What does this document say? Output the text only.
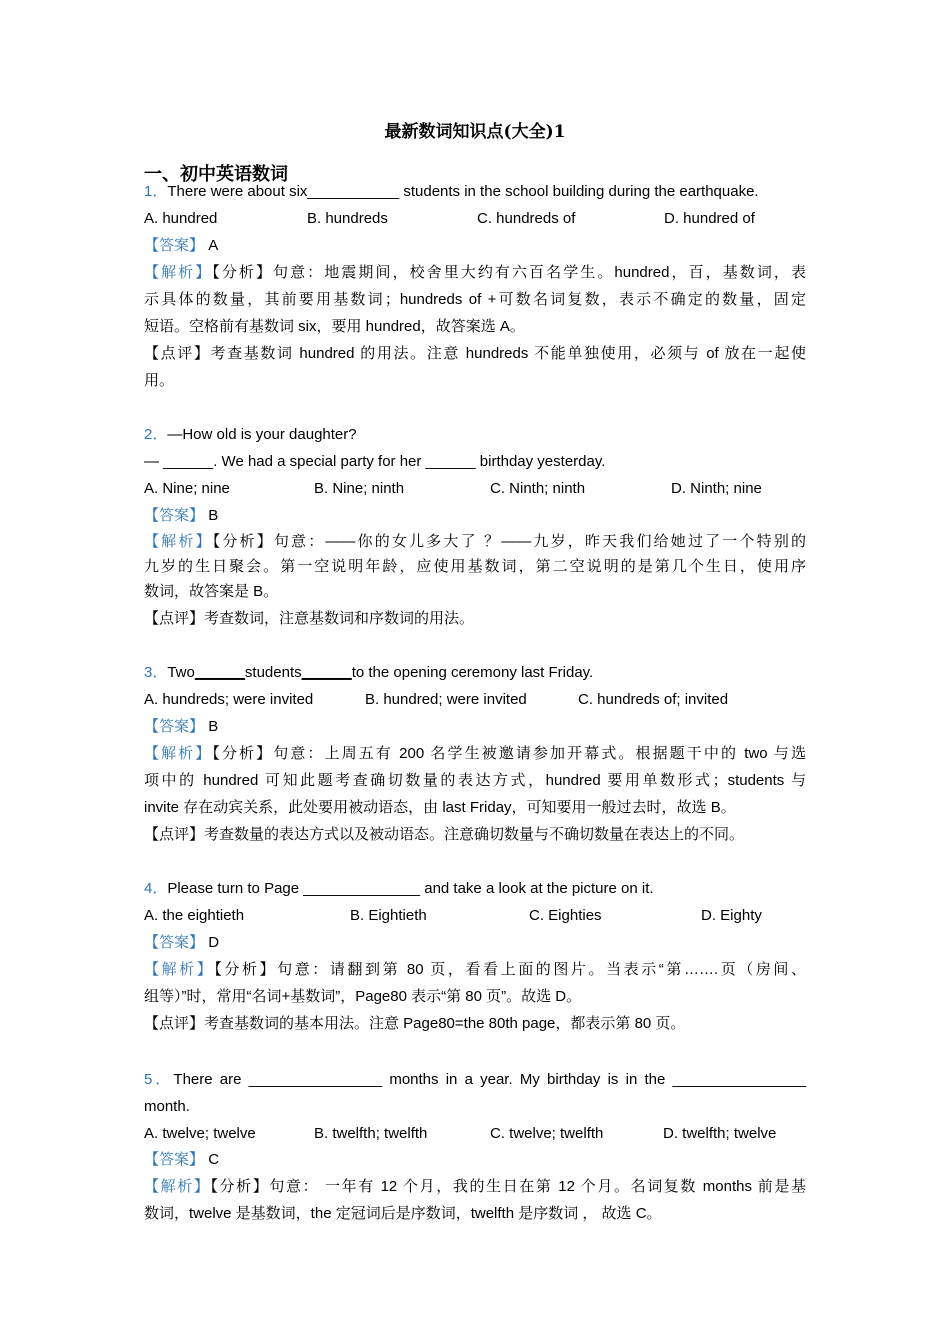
最新数词知识点(大全)1
一、初中英语数词
1．There were about six___________ students in the school building during the earthquake.
A. hundred	B. hundreds	C. hundreds of	D. hundred of
【答案】 A
【解析】【分析】句意：地震期间，校舍里大约有六百名学生。hundred，百，基数词，表
示具体的数量，其前要用基数词；hundreds of +可数名词复数，表示不确定的数量，固定
短语。空格前有基数词 six，要用 hundred，故答案选 A。
【点评】考查基数词 hundred 的用法。注意 hundreds 不能单独使用，必须与 of 放在一起使
用。
2．—How old is your daughter?
— ______. We had a special party for her ______ birthday yesterday.
A. Nine; nine	B. Nine; ninth	C. Ninth; ninth	D. Ninth; nine
【答案】 B
【解析】【分析】句意：——你的女儿多大了 ？——九岁，昨天我们给她过了一个特别的
九岁的生日聚会。第一空说明年龄，应使用基数词，第二空说明的是第几个生日，使用序
数词，故答案是 B。
【点评】考查数词，注意基数词和序数词的用法。
3．Two______students______to the opening ceremony last Friday.
A. hundreds; were invited	B. hundred; were invited	C. hundreds of; invited
【答案】 B
【解析】【分析】句意：上周五有 200 名学生被邀请参加开幕式。根据题干中的 two 与选
项中的 hundred 可知此题考查确切数量的表达方式，hundred 要用单数形式；students 与
invite 存在动宾关系，此处要用被动语态，由 last Friday，可知要用一般过去时，故选 B。
【点评】考查数量的表达方式以及被动语态。注意确切数量与不确切数量在表达上的不同。
4．Please turn to Page ______________ and take a look at the picture on it.
A. the eightieth	B. Eightieth	C. Eighties	D. Eighty
【答案】 D
【解析】【分析】句意：请翻到第 80 页，看看上面的图片。当表示“第…….页（房间、
组等）”时，常用“名词+基数词”，Page80 表示“第 80 页”。故选 D。
【点评】考查基数词的基本用法。注意 Page80=the 80th page，都表示第 80 页。
5．There are ________________ months in a year. My birthday is in the ________________
month.
A. twelve; twelve	B. twelfth; twelfth	C. twelve; twelfth	D. twelfth; twelve
【答案】 C
【解析】【分析】句意： 一年有 12 个月，我的生日在第 12 个月。名词复数 months 前是基
数词，twelve 是基数词，the 定冠词后是序数词，twelfth 是序数词 ， 故选 C。
